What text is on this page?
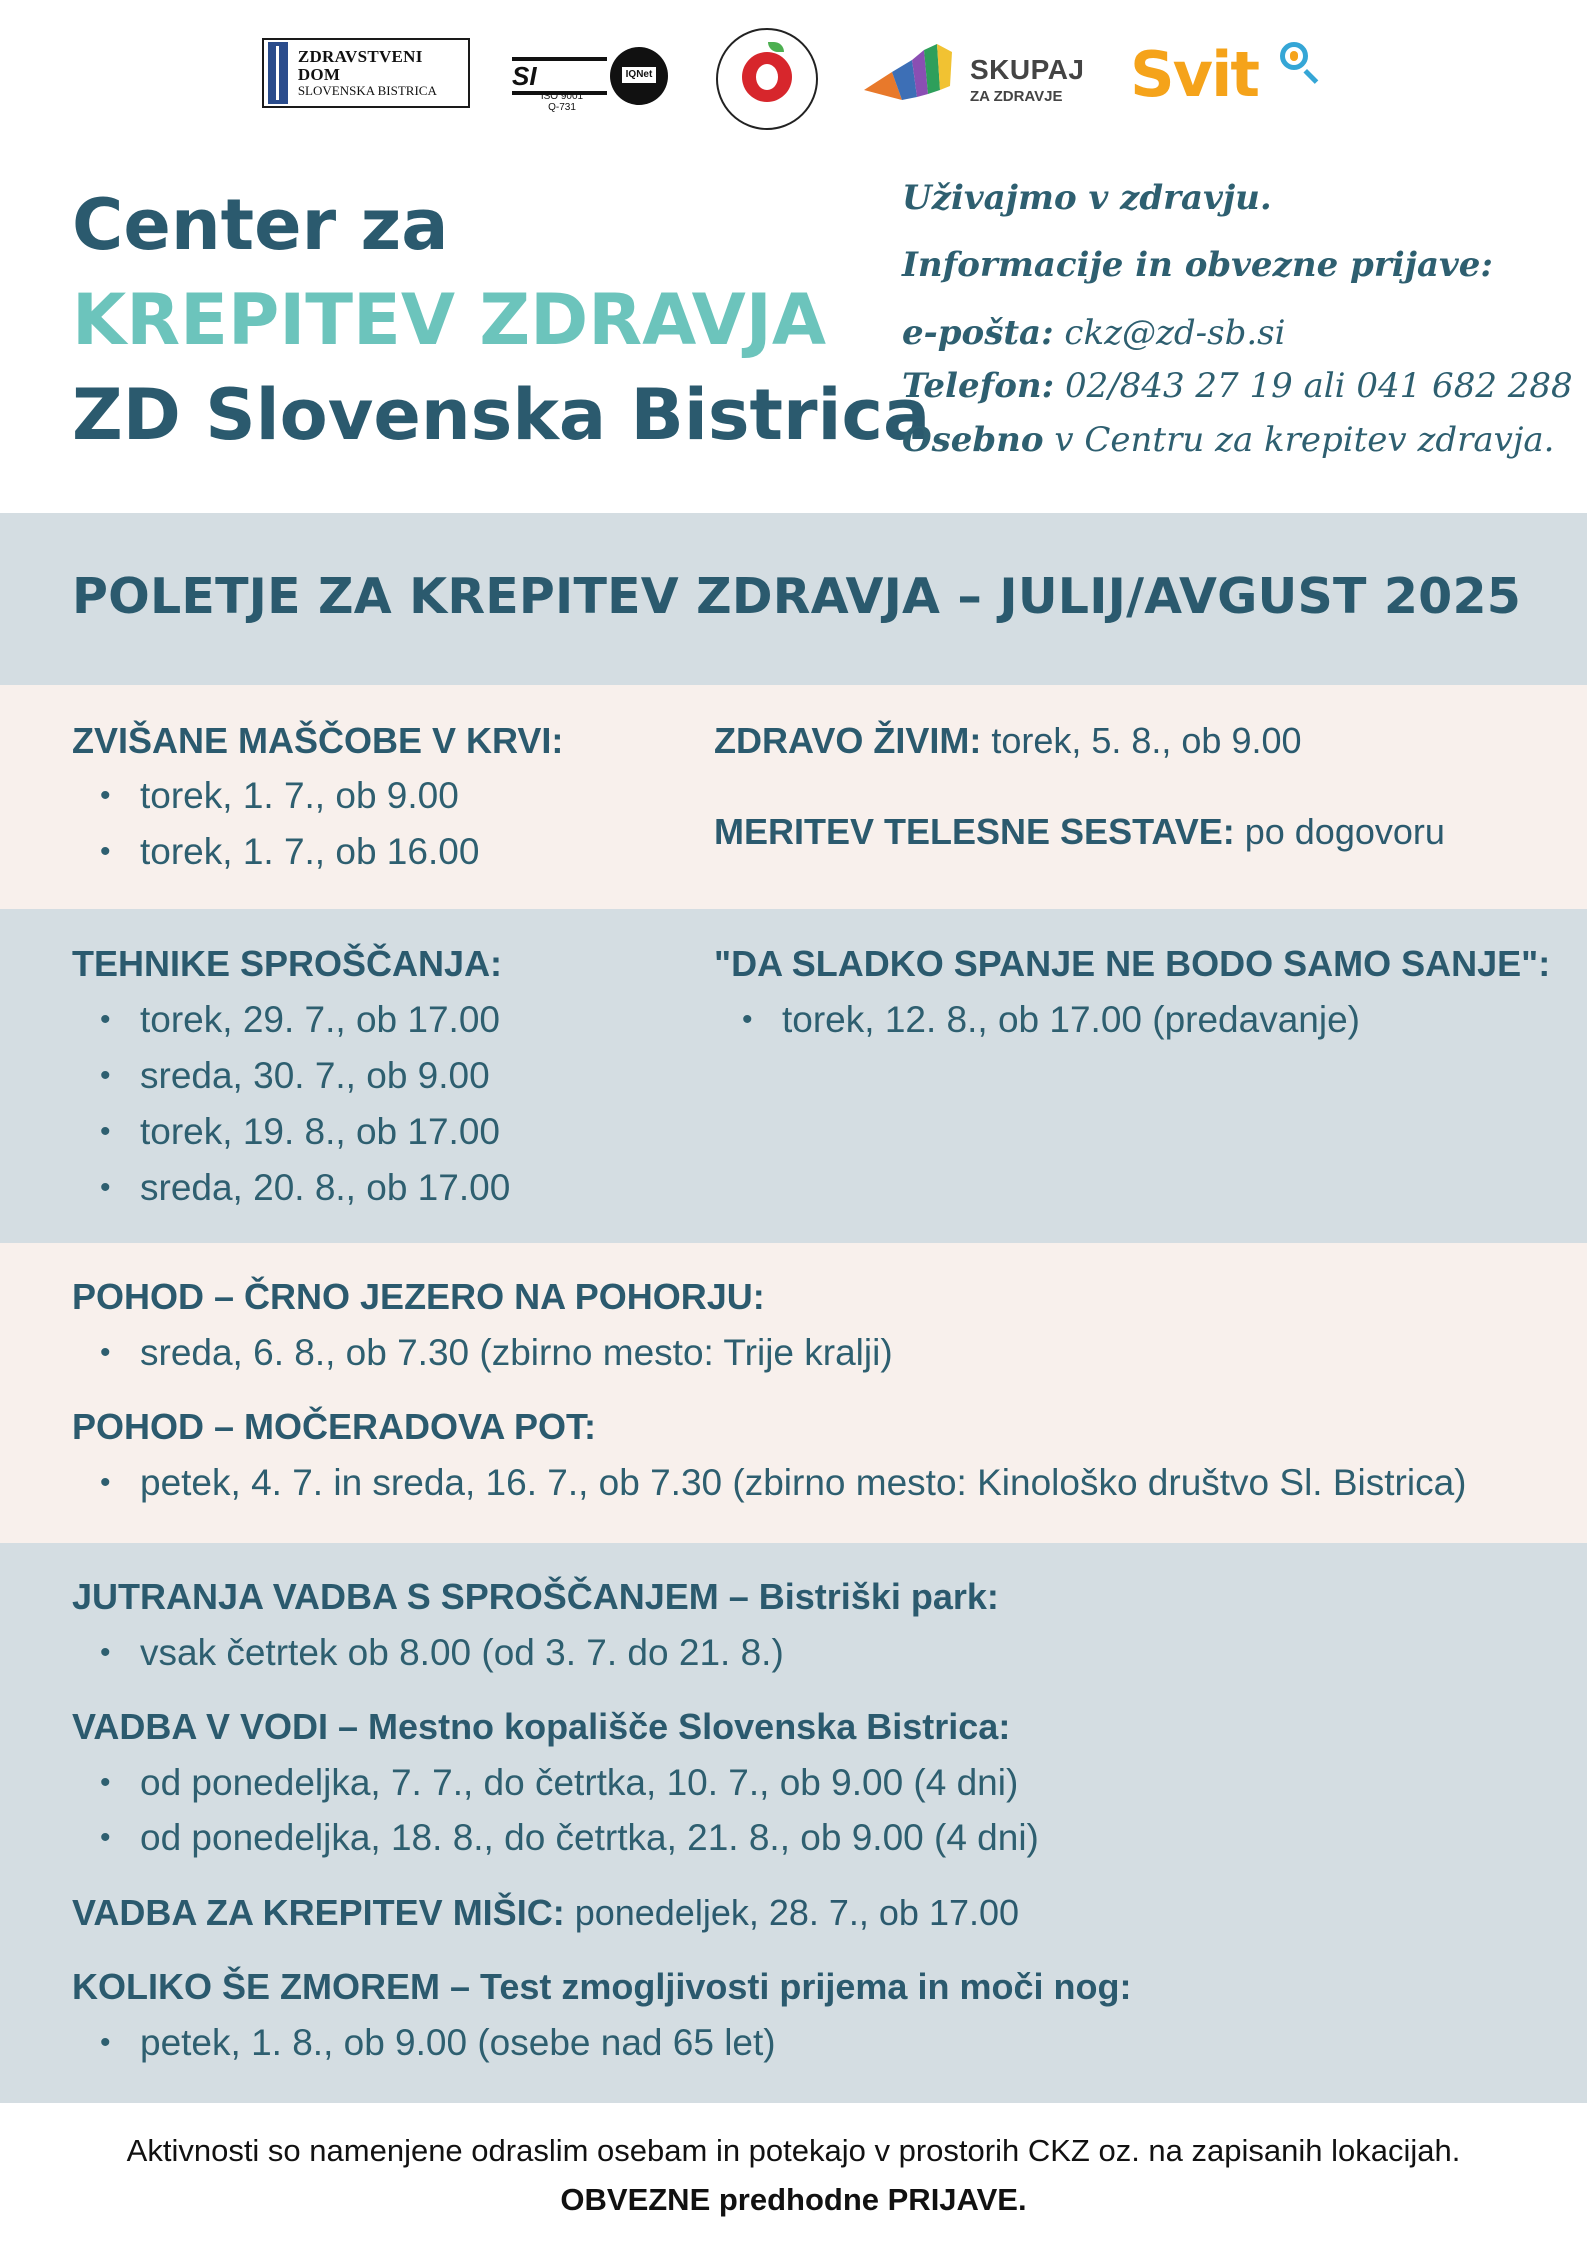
ZDRAVSTVENI DOM
SLOVENSKA BISTRICA	SI
ISO 9001
Q-731
IQNet	SKUPAJ
ZA ZDRAVJE Svit
Center za
KREPITEV ZDRAVJA
ZD Slovenska Bistrica
Uživajmo v zdravju.
Informacije in obvezne prijave:
e-pošta: ckz@zd-sb.si
Telefon: 02/843 27 19 ali 041 682 288
Osebno v Centru za krepitev zdravja.
POLETJE ZA KREPITEV ZDRAVJA – JULIJ/AVGUST 2025
ZVIŠANE MAŠČOBE V KRVI:
• torek, 1. 7., ob 9.00
• torek, 1. 7., ob 16.00
ZDRAVO ŽIVIM: torek, 5. 8., ob 9.00
MERITEV TELESNE SESTAVE: po dogovoru
TEHNIKE SPROŠČANJA:
• torek, 29. 7., ob 17.00
• sreda, 30. 7., ob 9.00
• torek, 19. 8., ob 17.00
• sreda, 20. 8., ob 17.00
"DA SLADKO SPANJE NE BODO SAMO SANJE":
• torek, 12. 8., ob 17.00 (predavanje)
POHOD – ČRNO JEZERO NA POHORJU:
• sreda, 6. 8., ob 7.30 (zbirno mesto: Trije kralji)
POHOD – MOČERADOVA POT:
• petek, 4. 7. in sreda, 16. 7., ob 7.30 (zbirno mesto: Kinološko društvo Sl. Bistrica)
JUTRANJA VADBA S SPROŠČANJEM – Bistriški park:
• vsak četrtek ob 8.00 (od 3. 7. do 21. 8.)
VADBA V VODI – Mestno kopališče Slovenska Bistrica:
• od ponedeljka, 7. 7., do četrtka, 10. 7., ob 9.00 (4 dni)
• od ponedeljka, 18. 8., do četrtka, 21. 8., ob 9.00 (4 dni)
VADBA ZA KREPITEV MIŠIC: ponedeljek, 28. 7., ob 17.00
KOLIKO ŠE ZMOREM – Test zmogljivosti prijema in moči nog:
• petek, 1. 8., ob 9.00 (osebe nad 65 let)
Aktivnosti so namenjene odraslim osebam in potekajo v prostorih CKZ oz. na zapisanih lokacijah.
OBVEZNE predhodne PRIJAVE.
